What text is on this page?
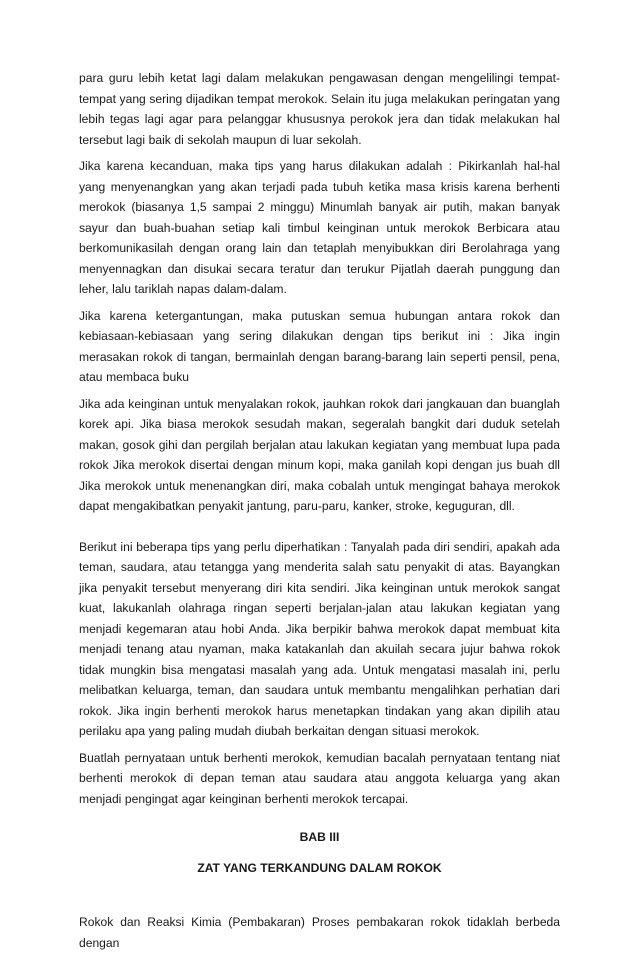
para guru lebih ketat lagi dalam melakukan pengawasan dengan mengelilingi tempat-tempat yang sering dijadikan tempat merokok. Selain itu juga melakukan peringatan yang lebih tegas lagi agar para pelanggar khususnya perokok jera dan tidak melakukan hal tersebut lagi baik di sekolah maupun di luar sekolah.

Jika karena kecanduan, maka tips yang harus dilakukan adalah : Pikirkanlah hal-hal yang menyenangkan yang akan terjadi pada tubuh ketika masa krisis karena berhenti merokok (biasanya 1,5 sampai 2 minggu) Minumlah banyak air putih, makan banyak sayur dan buah-buahan setiap kali timbul keinginan untuk merokok Berbicara atau berkomunikasilah dengan orang lain dan tetaplah menyibukkan diri Berolahraga yang menyennagkan dan disukai secara teratur dan terukur Pijatlah daerah punggung dan leher, lalu tariklah napas dalam-dalam.

Jika karena ketergantungan, maka putuskan semua hubungan antara rokok dan kebiasaan-kebiasaan yang sering dilakukan dengan tips berikut ini : Jika ingin merasakan rokok di tangan, bermainlah dengan barang-barang lain seperti pensil, pena, atau membaca buku

Jika ada keinginan untuk menyalakan rokok, jauhkan rokok dari jangkauan dan buanglah korek api. Jika biasa merokok sesudah makan, segeralah bangkit dari duduk setelah makan, gosok gihi dan pergilah berjalan atau lakukan kegiatan yang membuat lupa pada rokok Jika merokok disertai dengan minum kopi, maka ganilah kopi dengan jus buah dll Jika merokok untuk menenangkan diri, maka cobalah untuk mengingat bahaya merokok dapat mengakibatkan penyakit jantung, paru-paru, kanker, stroke, keguguran, dll.

Berikut ini beberapa tips yang perlu diperhatikan : Tanyalah pada diri sendiri, apakah ada teman, saudara, atau tetangga yang menderita salah satu penyakit di atas. Bayangkan jika penyakit tersebut menyerang diri kita sendiri. Jika keinginan untuk merokok sangat kuat, lakukanlah olahraga ringan seperti berjalan-jalan atau lakukan kegiatan yang menjadi kegemaran atau hobi Anda. Jika berpikir bahwa merokok dapat membuat kita menjadi tenang atau nyaman, maka katakanlah dan akuilah secara jujur bahwa rokok tidak mungkin bisa mengatasi masalah yang ada. Untuk mengatasi masalah ini, perlu melibatkan keluarga, teman, dan saudara untuk membantu mengalihkan perhatian dari rokok. Jika ingin berhenti merokok harus menetapkan tindakan yang akan dipilih atau perilaku apa yang paling mudah diubah berkaitan dengan situasi merokok.

Buatlah pernyataan untuk berhenti merokok, kemudian bacalah pernyataan tentang niat berhenti merokok di depan teman atau saudara atau anggota keluarga yang akan menjadi pengingat agar keinginan berhenti merokok tercapai.

BAB III
ZAT YANG TERKANDUNG DALAM ROKOK

Rokok dan Reaksi Kimia (Pembakaran) Proses pembakaran rokok tidaklah berbeda dengan
